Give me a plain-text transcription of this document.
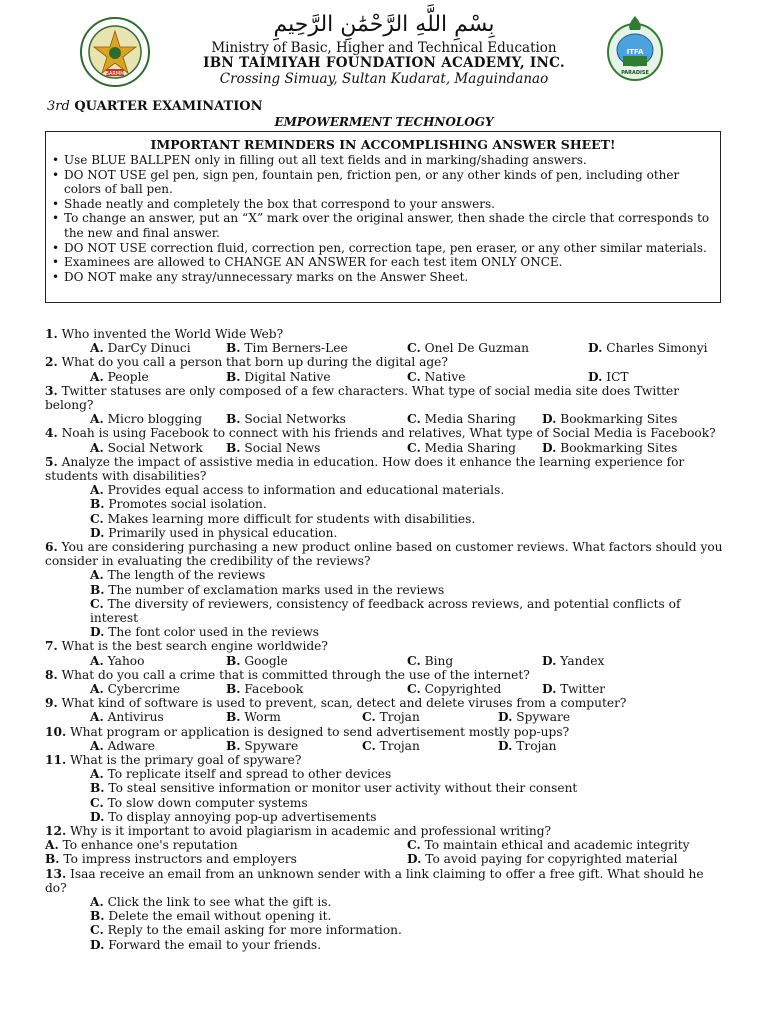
BARMM
ITFA
PARADISE
بِسْمِ اللَّهِ الرَّحْمَٰنِ الرَّحِيمِ
Ministry of Basic, Higher and Technical Education
IBN TAIMIYAH FOUNDATION ACADEMY, INC.
Crossing Simuay, Sultan Kudarat, Maguindanao
3rd QUARTER EXAMINATION
EMPOWERMENT TECHNOLOGY
IMPORTANT REMINDERS IN ACCOMPLISHING ANSWER SHEET!
• Use BLUE BALLPEN only in filling out all text fields and in marking/shading answers.
• DO NOT USE gel pen, sign pen, fountain pen, friction pen, or any other kinds of pen, including other colors of ball pen.
• Shade neatly and completely the box that correspond to your answers.
• To change an answer, put an “X” mark over the original answer, then shade the circle that corresponds to the new and final answer.
• DO NOT USE correction fluid, correction pen, correction tape, pen eraser, or any other similar materials.
• Examinees are allowed to CHANGE AN ANSWER for each test item ONLY ONCE.
• DO NOT make any stray/unnecessary marks on the Answer Sheet.
1. Who invented the World Wide Web?
A. DarCy Dinuci	B. Tim Berners-Lee	C. Onel De Guzman	D. Charles Simonyi
2. What do you call a person that born up during the digital age?
A. People	B. Digital Native	C. Native	D. ICT
3. Twitter statuses are only composed of a few characters. What type of social media site does Twitter belong?
A. Micro blogging B. Social Networks	C. Media Sharing D. Bookmarking Sites
4. Noah is using Facebook to connect with his friends and relatives, What type of Social Media is Facebook?
A. Social Network B. Social News	C. Media Sharing D. Bookmarking Sites
5. Analyze the impact of assistive media in education. How does it enhance the learning experience for students with disabilities?
A. Provides equal access to information and educational materials.
B. Promotes social isolation.
C. Makes learning more difficult for students with disabilities.
D. Primarily used in physical education.
6. You are considering purchasing a new product online based on customer reviews. What factors should you consider in evaluating the credibility of the reviews?
A. The length of the reviews
B. The number of exclamation marks used in the reviews
C. The diversity of reviewers, consistency of feedback across reviews, and potential conflicts of interest
D. The font color used in the reviews
7. What is the best search engine worldwide?
A. Yahoo	B. Google	C. Bing	D. Yandex
8. What do you call a crime that is committed through the use of the internet?
A. Cybercrime	B. Facebook	C. Copyrighted	D. Twitter
9. What kind of software is used to prevent, scan, detect and delete viruses from a computer?
A. Antivirus	B. Worm	C. Trojan	D. Spyware
10. What program or application is designed to send advertisement mostly pop-ups?
A. Adware	B. Spyware	C. Trojan	D. Trojan
11. What is the primary goal of spyware?
A. To replicate itself and spread to other devices
B. To steal sensitive information or monitor user activity without their consent
C. To slow down computer systems
D. To display annoying pop-up advertisements
12. Why is it important to avoid plagiarism in academic and professional writing?
A. To enhance one's reputation	C. To maintain ethical and academic integrity
B. To impress instructors and employers	D. To avoid paying for copyrighted material
13. Isaa receive an email from an unknown sender with a link claiming to offer a free gift. What should he do?
A. Click the link to see what the gift is.
B. Delete the email without opening it.
C. Reply to the email asking for more information.
D. Forward the email to your friends.
